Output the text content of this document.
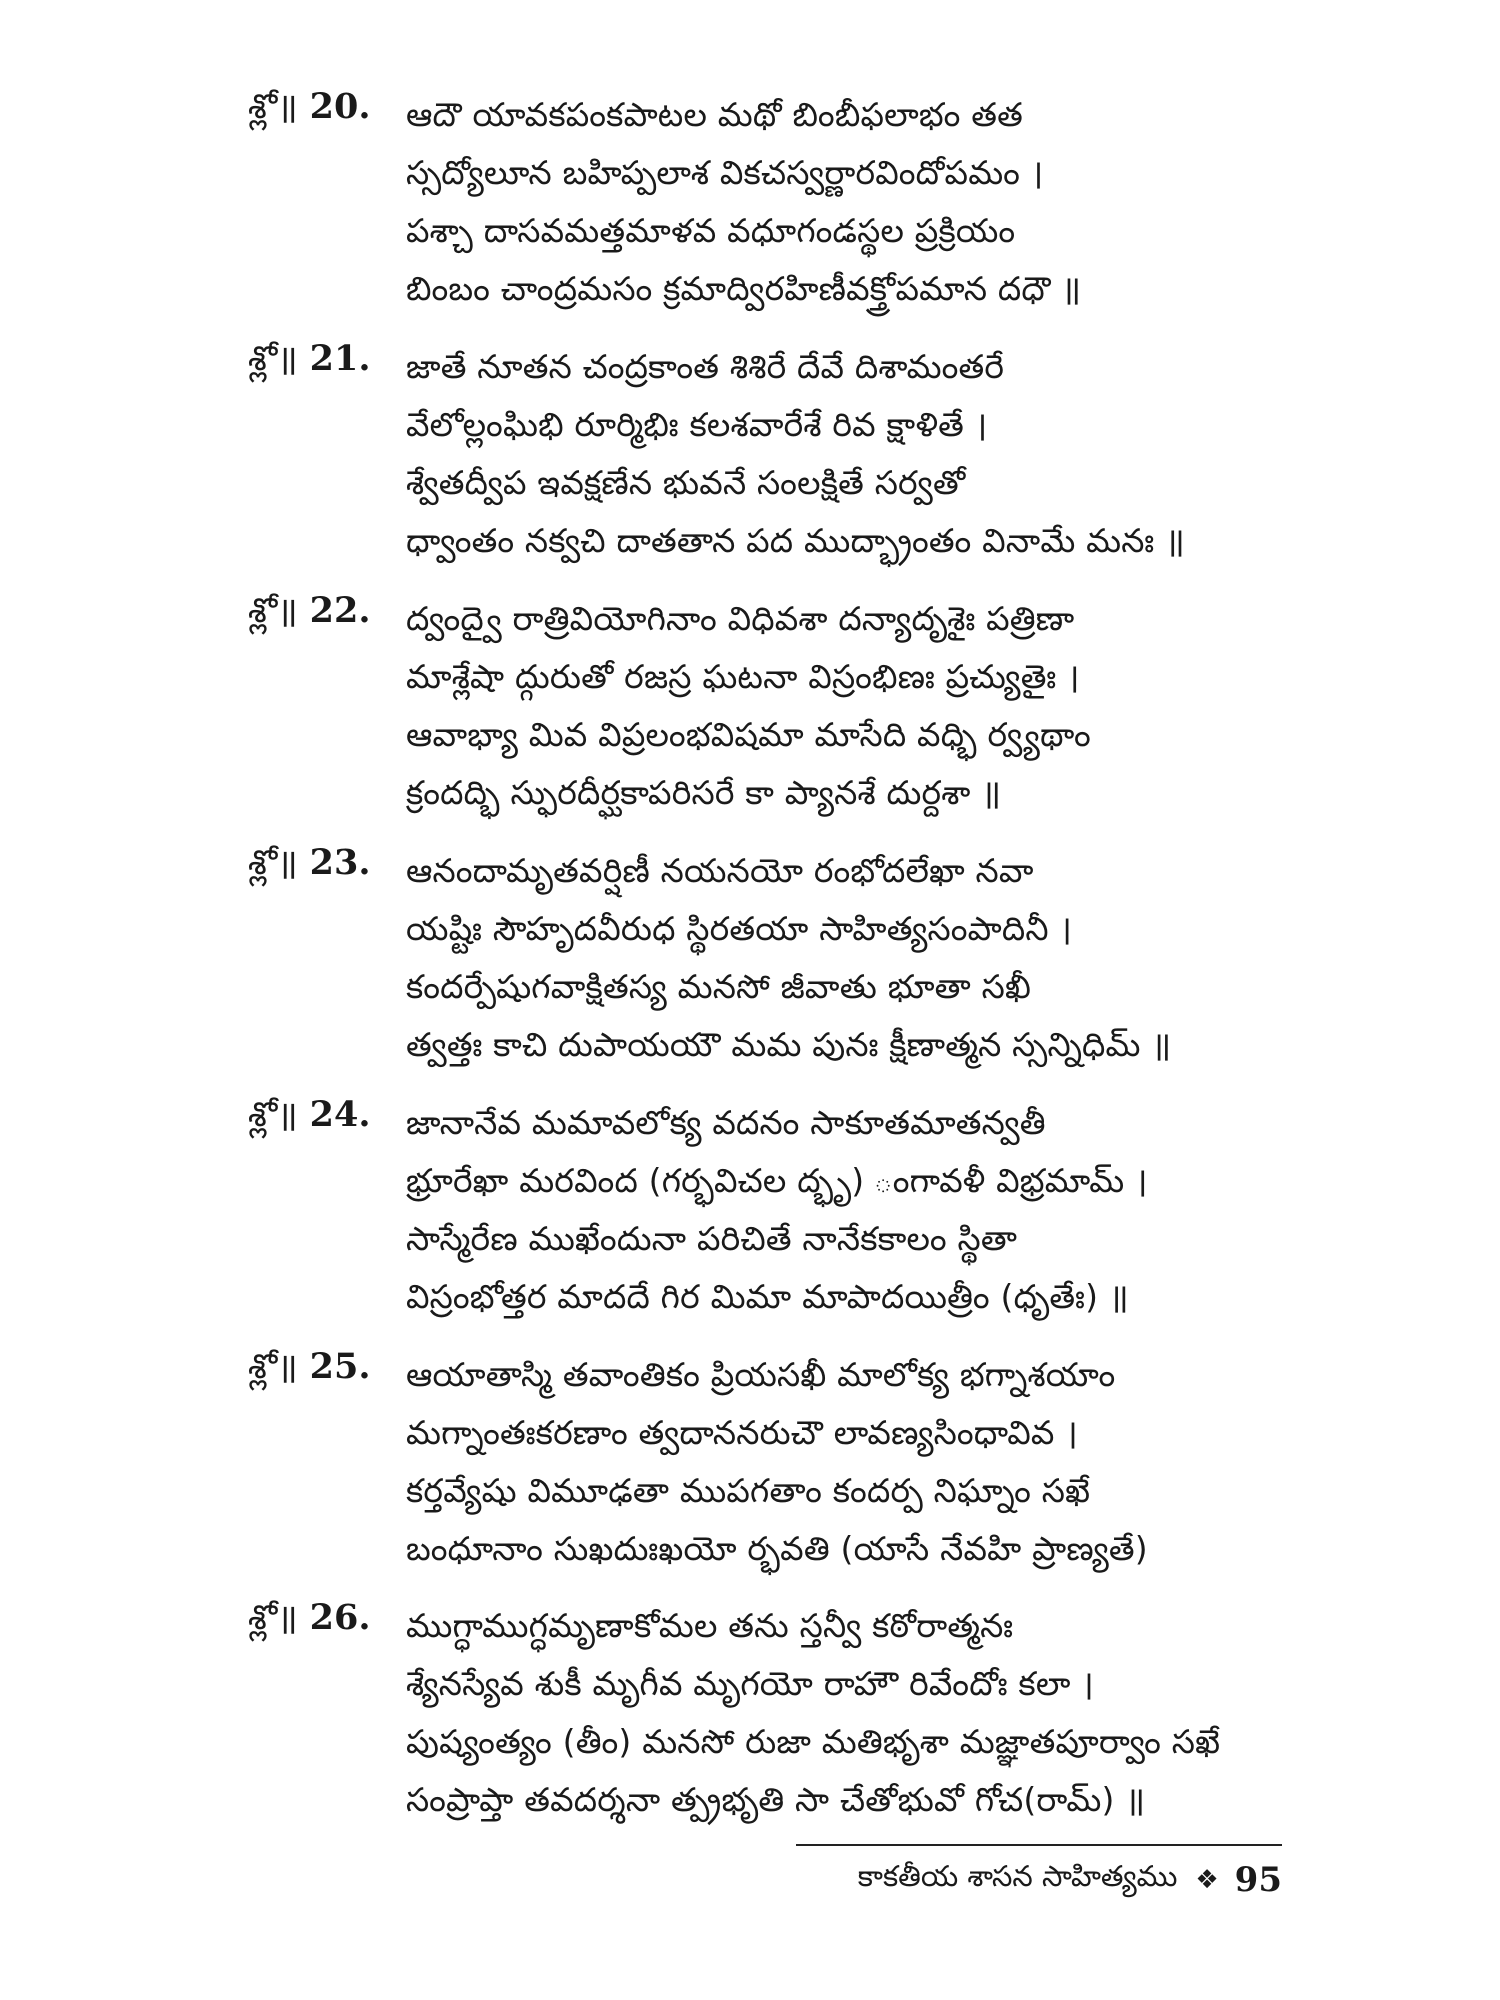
శ్లో॥ 20. ఆదౌ యావకపంకపాటల మథో బింబీఫలాభం తత
స్సద్యోలూన బహిప్పలాశ వికచస్వర్ణారవిందోపమం ।
పశ్చా దాసవమత్తమాళవ వధూగండస్థల ప్రక్రియం
బింబం చాంద్రమసం క్రమాద్విరహిణీవక్త్రోపమాన దధౌ ॥
శ్లో॥ 21. జాతే నూతన చంద్రకాంత శిశిరే దేవే దిశామంతరే
వేలోల్లంఘిభి రూర్మిభిః కలశవారేశే రివ క్షాళితే ।
శ్వేతద్వీప ఇవక్షణేన భువనే సంలక్షితే సర్వతో
ధ్వాంతం నక్వచి దాతతాన పద ముద్భ్రాంతం వినామే మనః ॥
శ్లో॥ 22. ద్వంద్వై రాత్రివియోగినాం విధివశా దన్యాదృశైః పత్రిణా
మాశ్లేషా ద్గురుతో రజస్ర ఘటనా విస్రంభిణః ప్రచ్యుతైః ।
ఆవాభ్యా మివ విప్రలంభవిషమా మాసేది వధ్భి ర్వ్యథాం
క్రందద్భి స్ఫురదీర్ఘకాపరిసరే కా ప్యానశే దుర్దశా ॥
శ్లో॥ 23. ఆనందామృతవర్షిణీ నయనయో రంభోదలేఖా నవా
యష్టిః సౌహృదవీరుధ స్థిరతయా సాహిత్యసంపాదినీ ।
కందర్పేషుగవాక్షితస్య మనసో జీవాతు భూతా సఖీ
త్వత్తః కాచి దుపాయయౌ మమ పునః క్షీణాత్మన స్సన్నిధిమ్ ॥
శ్లో॥ 24. జానానేవ మమావలోక్య వదనం సాకూతమాతన్వతీ
భ్రూరేఖా మరవింద (గర్భవిచల ద్భృ) ంగావళీ విభ్రమామ్ ।
సాస్మేరేణ ముఖేందునా పరిచితే నానేకకాలం స్థితా
విస్రంభోత్తర మాదదే గిర మిమా మాపాదయిత్రీం (ధృతేః) ॥
శ్లో॥ 25. ఆయాతాస్మి తవాంతికం ప్రియసఖీ మాలోక్య భగ్నాశయాం
మగ్నాంతఃకరణాం త్వదాననరుచౌ లావణ్యసింధావివ ।
కర్తవ్యేషు విమూఢతా ముపగతాం కందర్ప నిఘ్నాం సఖే
బంధూనాం సుఖదుఃఖయో ర్భవతి (యాసే నేవహి ప్రాణ్యతే)
శ్లో॥ 26. ముగ్ధాముగ్ధమృణాకోమల తను స్తన్వీ కఠోరాత్మనః
శ్యేనస్యేవ శుకీ మృగీవ మృగయో రాహౌ రివేందోః కలా ।
పుష్యంత్యం (తీం) మనసో రుజా మతిభృశా మజ్ఞాతపూర్వాం సఖే
సంప్రాప్తా తవదర్శనా త్ప్రభృతి సా చేతోభువో గోచ(రామ్) ॥
కాకతీయ శాసన సాహిత్యము ❖ 95
